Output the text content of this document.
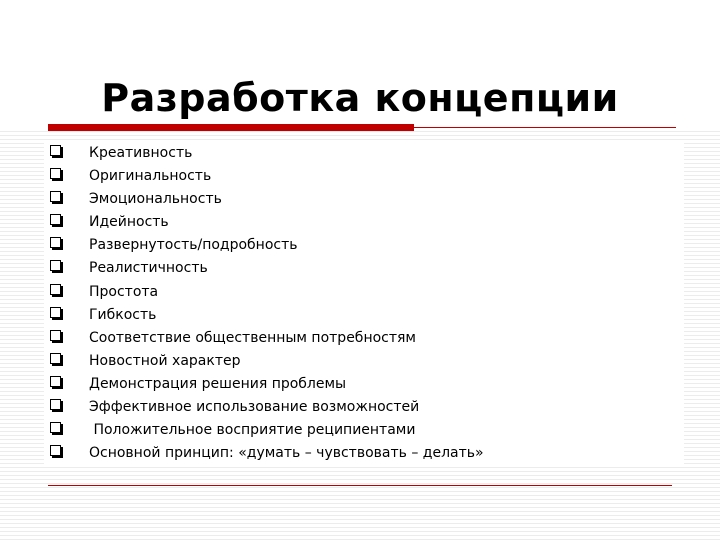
Разработка концепции
Креативность
Оригинальность
Эмоциональность
Идейность
Развернутость/подробность
Реалистичность
Простота
Гибкость
Соответствие общественным потребностям
Новостной характер
Демонстрация решения проблемы
Эффективное использование возможностей
Положительное восприятие реципиентами
Основной принцип: «думать – чувствовать – делать»
